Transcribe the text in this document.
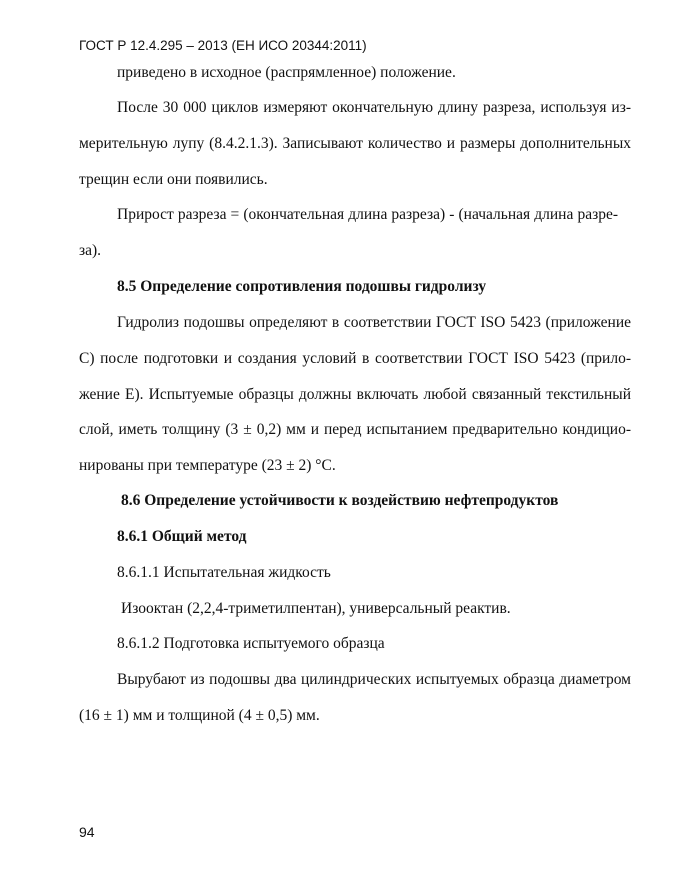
ГОСТ Р 12.4.295 – 2013 (ЕН ИСО 20344:2011)
приведено в исходное (распрямленное) положение.
После 30 000 циклов измеряют окончательную длину разреза, используя из-
мерительную лупу (8.4.2.1.3). Записывают количество и размеры дополнительных
трещин если они появились.
Прирост разреза = (окончательная длина разреза) - (начальная длина разре-
за).
8.5 Определение сопротивления подошвы гидролизу
Гидролиз подошвы определяют в соответствии ГОСТ ISO 5423 (приложение
С) после подготовки и создания условий в соответствии ГОСТ ISO 5423 (прило-
жение Е). Испытуемые образцы должны включать любой связанный текстильный
слой, иметь толщину (3 ± 0,2) мм и перед испытанием предварительно кондицио-
нированы при температуре (23 ± 2) °С.
8.6 Определение устойчивости к воздействию нефтепродуктов
8.6.1 Общий метод
8.6.1.1 Испытательная жидкость
Изооктан (2,2,4-триметилпентан), универсальный реактив.
8.6.1.2 Подготовка испытуемого образца
Вырубают из подошвы два цилиндрических испытуемых образца диаметром
(16 ± 1) мм и толщиной (4 ± 0,5) мм.
94
